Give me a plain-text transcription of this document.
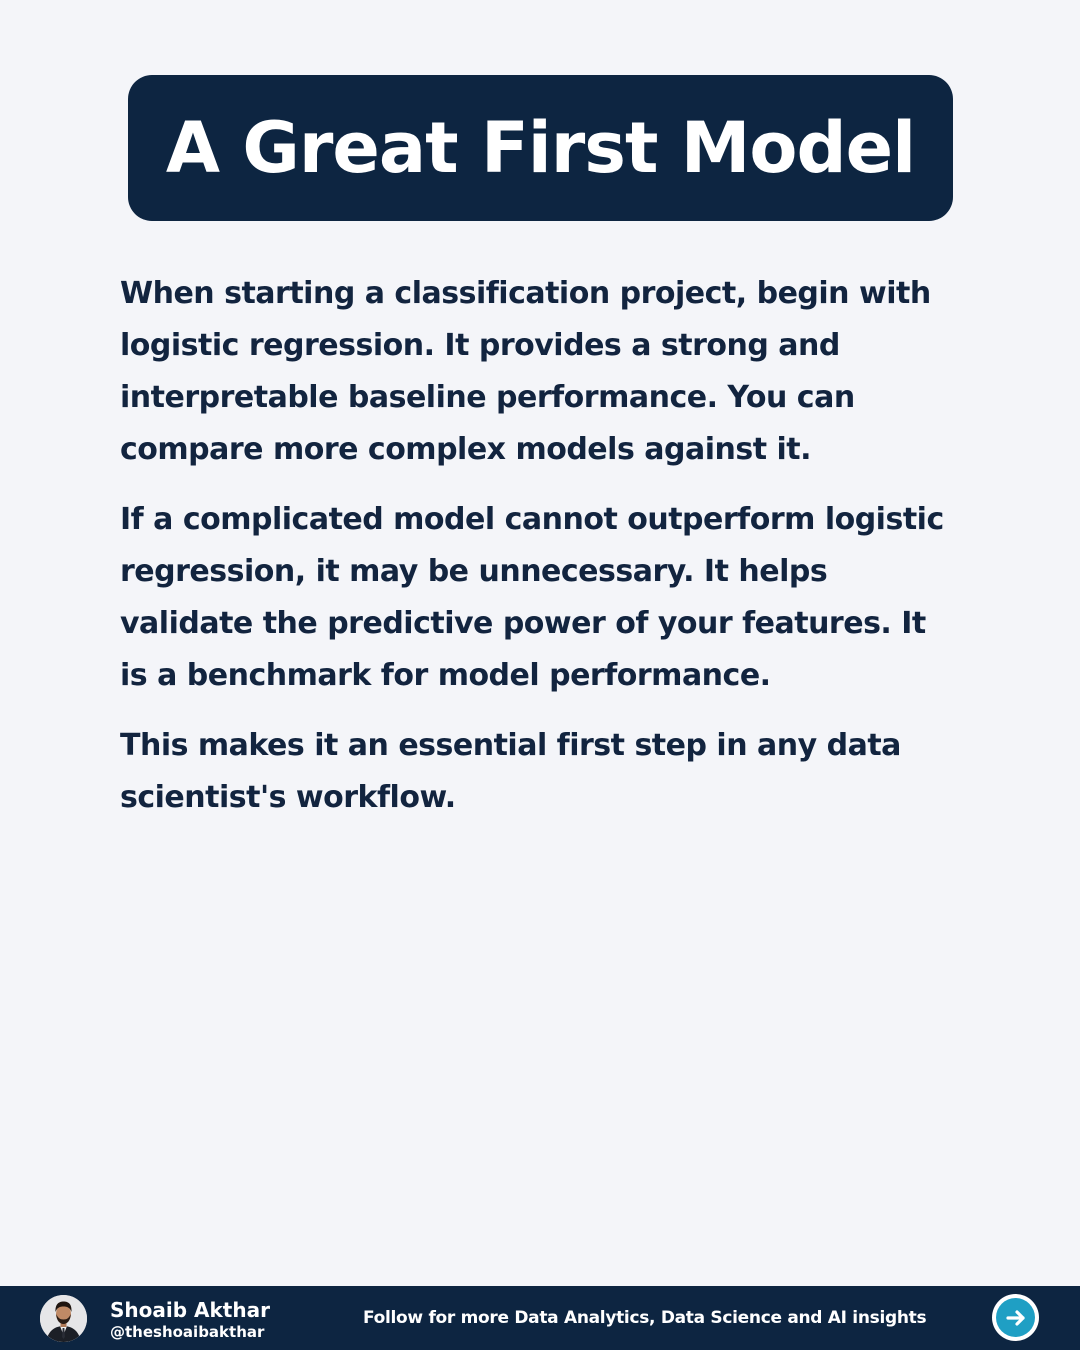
A Great First Model

When starting a classification project, begin with logistic regression. It provides a strong and interpretable baseline performance. You can compare more complex models against it.

If a complicated model cannot outperform logistic regression, it may be unnecessary. It helps validate the predictive power of your features. It is a benchmark for model performance.

This makes it an essential first step in any data scientist's workflow.

Shoaib Akthar
@theshoaibakthar
Follow for more Data Analytics, Data Science and AI insights
